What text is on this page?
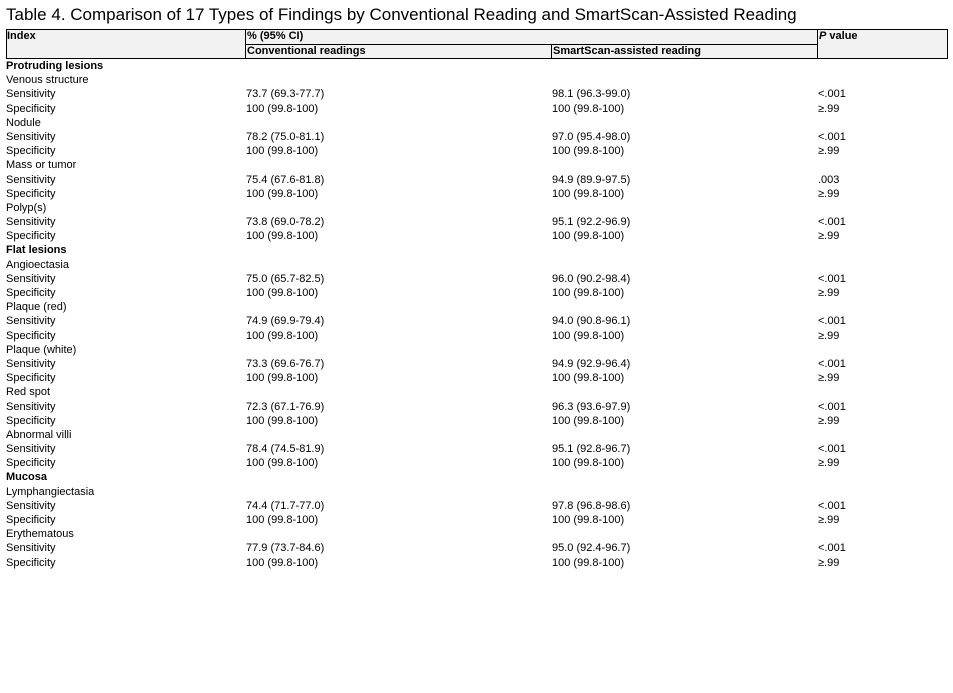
Table 4. Comparison of 17 Types of Findings by Conventional Reading and SmartScan-Assisted Reading
Index	% (95% CI)
Conventional readings	SmartScan-assisted reading
P value
Protruding lesions
Venous structure
Sensitivity	73.7 (69.3-77.7)	98.1 (96.3-99.0)	<.001
Specificity	100 (99.8-100)	100 (99.8-100)	≥.99
Nodule
Sensitivity	78.2 (75.0-81.1)	97.0 (95.4-98.0)	<.001
Specificity	100 (99.8-100)	100 (99.8-100)	≥.99
Mass or tumor
Sensitivity	75.4 (67.6-81.8)	94.9 (89.9-97.5)	.003
Specificity	100 (99.8-100)	100 (99.8-100)	≥.99
Polyp(s)
Sensitivity	73.8 (69.0-78.2)	95.1 (92.2-96.9)	<.001
Specificity	100 (99.8-100)	100 (99.8-100)	≥.99
Flat lesions
Angioectasia
Sensitivity	75.0 (65.7-82.5)	96.0 (90.2-98.4)	<.001
Specificity	100 (99.8-100)	100 (99.8-100)	≥.99
Plaque (red)
Sensitivity	74.9 (69.9-79.4)	94.0 (90.8-96.1)	<.001
Specificity	100 (99.8-100)	100 (99.8-100)	≥.99
Plaque (white)
Sensitivity	73.3 (69.6-76.7)	94.9 (92.9-96.4)	<.001
Specificity	100 (99.8-100)	100 (99.8-100)	≥.99
Red spot
Sensitivity	72.3 (67.1-76.9)	96.3 (93.6-97.9)	<.001
Specificity	100 (99.8-100)	100 (99.8-100)	≥.99
Abnormal villi
Sensitivity	78.4 (74.5-81.9)	95.1 (92.8-96.7)	<.001
Specificity	100 (99.8-100)	100 (99.8-100)	≥.99
Mucosa
Lymphangiectasia
Sensitivity	74.4 (71.7-77.0)	97.8 (96.8-98.6)	<.001
Specificity	100 (99.8-100)	100 (99.8-100)	≥.99
Erythematous
Sensitivity	77.9 (73.7-84.6)	95.0 (92.4-96.7)	<.001
Specificity	100 (99.8-100)	100 (99.8-100)	≥.99
